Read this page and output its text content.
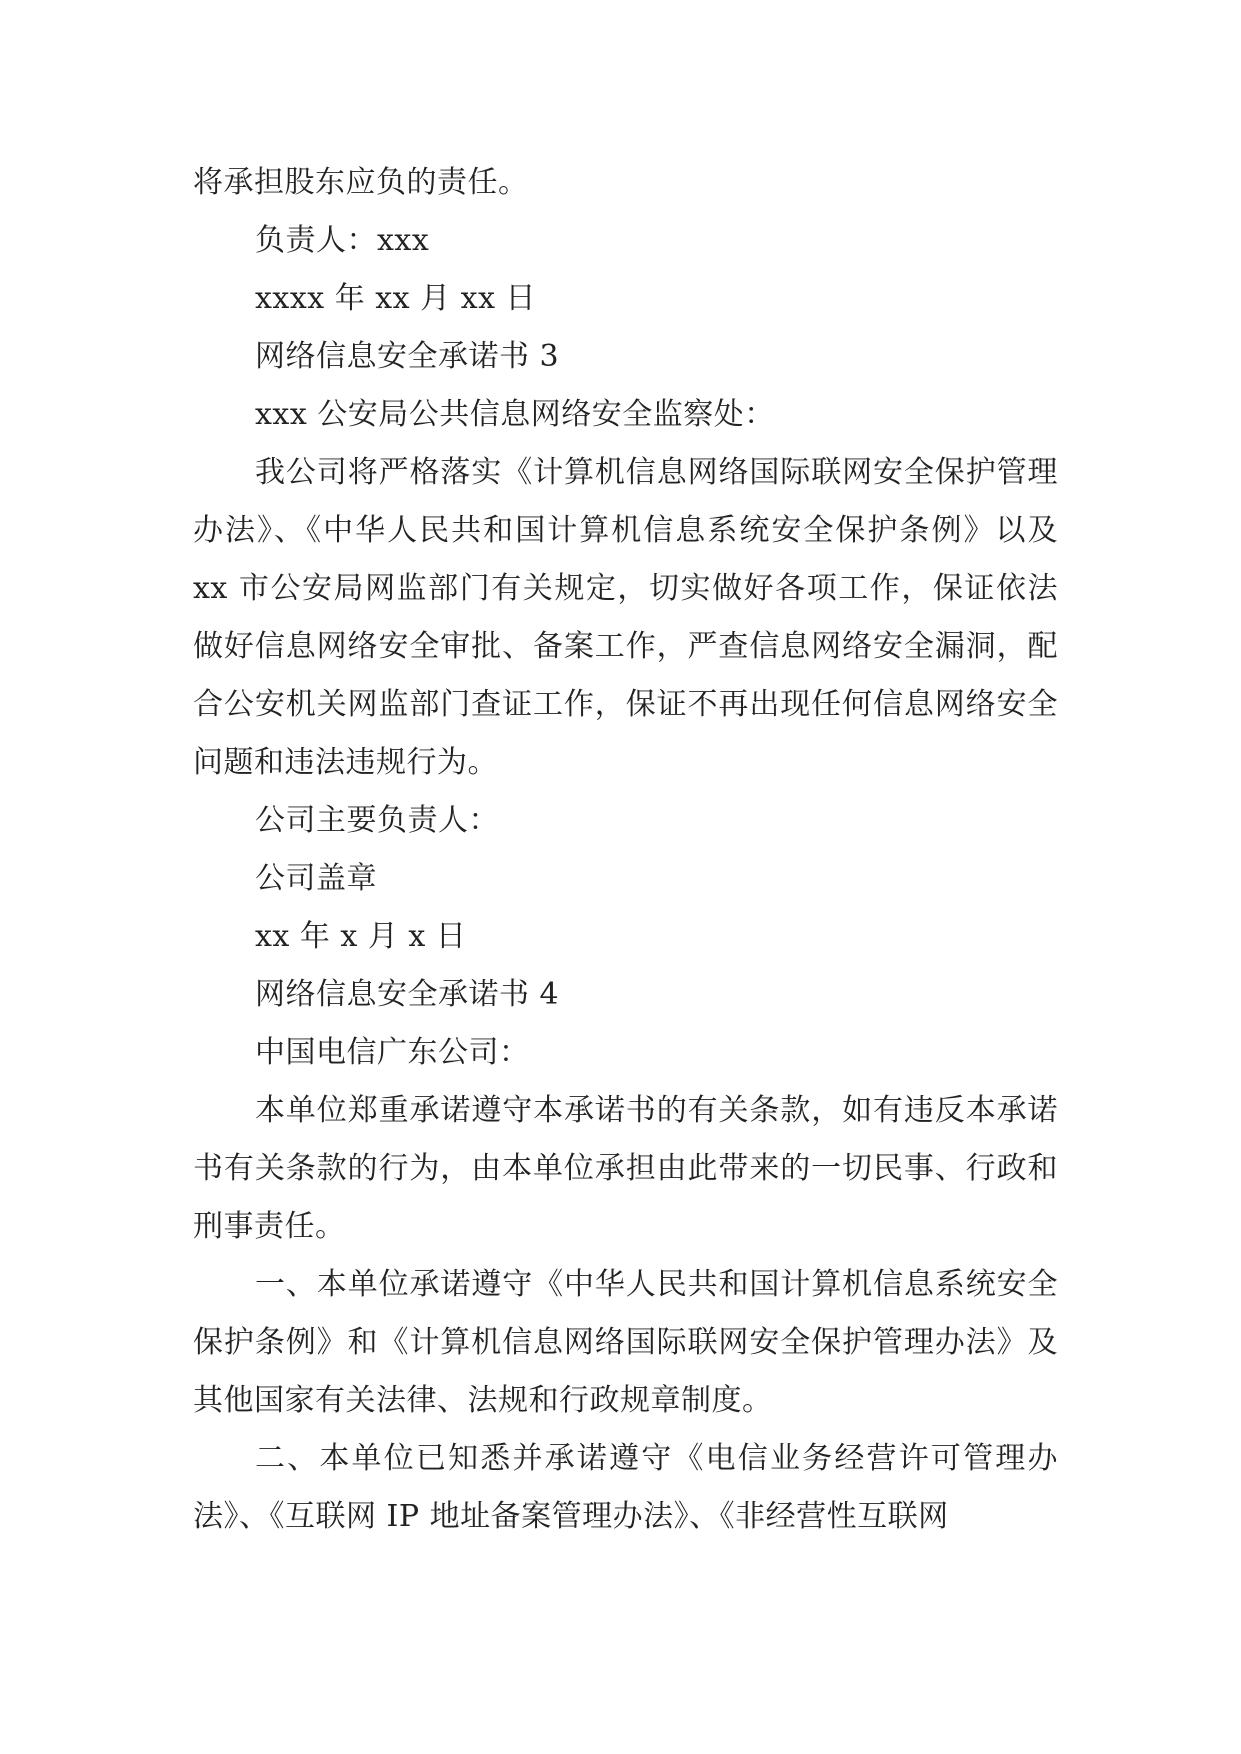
将承担股东应负的责任。

负责人：xxx

xxxx 年 xx 月 xx 日

网络信息安全承诺书 3

xxx 公安局公共信息网络安全监察处：

我公司将严格落实《计算机信息网络国际联网安全保护管理办法》、《中华人民共和国计算机信息系统安全保护条例》以及 xx 市公安局网监部门有关规定，切实做好各项工作，保证依法做好信息网络安全审批、备案工作，严查信息网络安全漏洞，配合公安机关网监部门查证工作，保证不再出现任何信息网络安全问题和违法违规行为。

公司主要负责人：

公司盖章

xx 年 x 月 x 日

网络信息安全承诺书 4

中国电信广东公司：

本单位郑重承诺遵守本承诺书的有关条款，如有违反本承诺书有关条款的行为，由本单位承担由此带来的一切民事、行政和刑事责任。

一、本单位承诺遵守《中华人民共和国计算机信息系统安全保护条例》和《计算机信息网络国际联网安全保护管理办法》及其他国家有关法律、法规和行政规章制度。

二、本单位已知悉并承诺遵守《电信业务经营许可管理办法》、《互联网 IP 地址备案管理办法》、《非经营性互联网
